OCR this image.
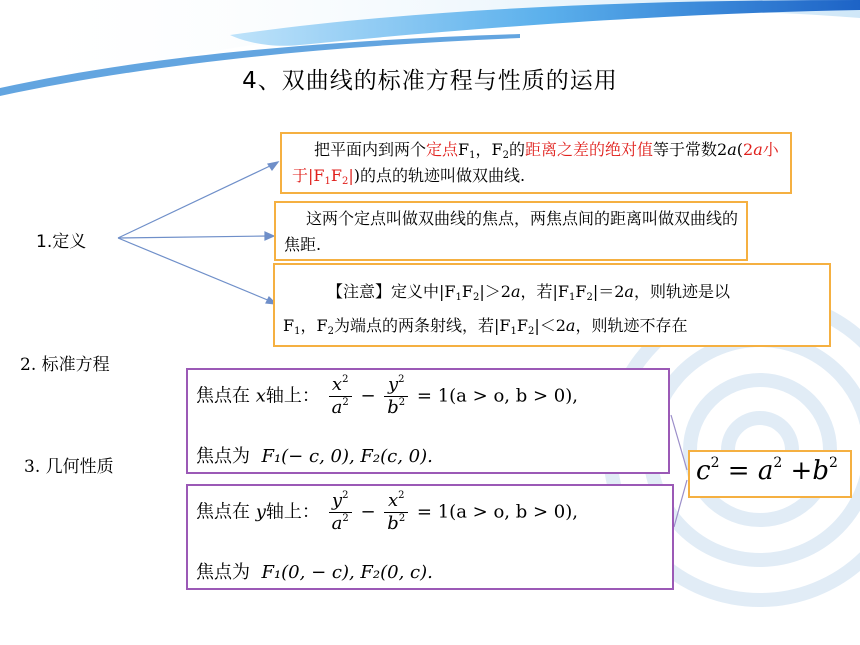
4、双曲线的标准方程与性质的运用
1.定义
2. 标准方程
3. 几何性质
把平面内到两个定点$F_1$，$F_2$的距离之差的绝对值等于常数2a(2a小于$|F_1F_2|$)的点的轨迹叫做双曲线.
这两个定点叫做双曲线的焦点，两焦点间的距离叫做双曲线的焦距.
【注意】定义中$|F_1F_2|>2a$，若$|F_1F_2|=2a$，则轨迹是以
$F_1$，$F_2$为端点的两条射线，若$|F_1F_2|<2a$，则轨迹不存在
焦点在 x轴上： $\frac{x^2}{a^2} - \frac{y^2}{b^2} = 1(a > o$, b > 0),
焦点为 F₁(− c, 0), F₂(c, 0).
焦点在 y轴上： $\frac{y^2}{a^2} - \frac{x^2}{b^2} = 1(a > o$, b > 0),
焦点为 F₁(0, − c), F₂(0, c).
$c^2 = a^2 +b^2$
